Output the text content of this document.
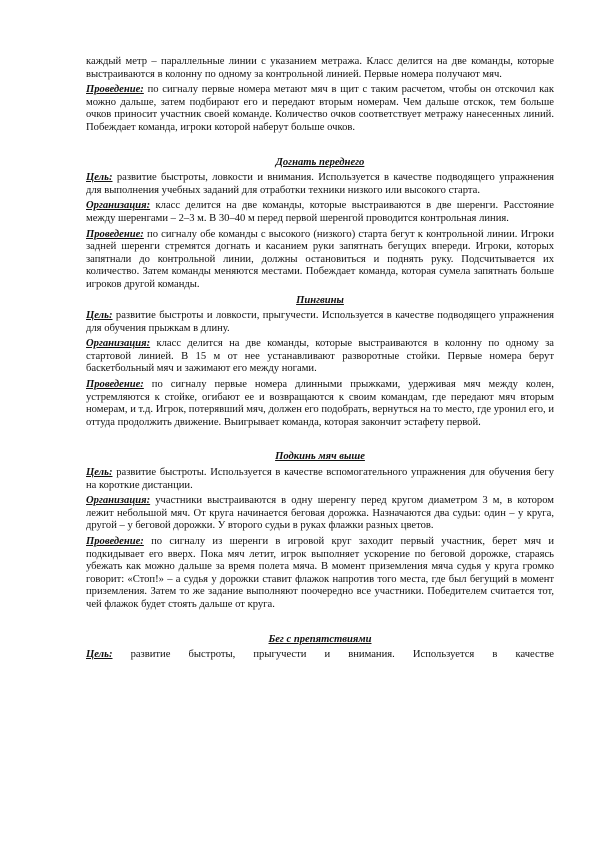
каждый метр – параллельные линии с указанием метража. Класс делится на две команды, которые выстраиваются в колонну по одному за контрольной линией. Первые номера получают мяч.

Проведение: по сигналу первые номера метают мяч в щит с таким расчетом, чтобы он отскочил как можно дальше, затем подбирают его и передают вторым номерам. Чем дальше отскок, тем больше очков приносит участник своей команде. Количество очков соответствует метражу нанесенных линий. Побеждает команда, игроки которой наберут больше очков.

Догнать переднего

Цель: развитие быстроты, ловкости и внимания. Используется в качестве подводящего упражнения для выполнения учебных заданий для отработки техники низкого или высокого старта.

Организация: класс делится на две команды, которые выстраиваются в две шеренги. Расстояние между шеренгами – 2–3 м. В 30–40 м перед первой шеренгой проводится контрольная линия.

Проведение: по сигналу обе команды с высокого (низкого) старта бегут к контрольной линии. Игроки задней шеренги стремятся догнать и касанием руки запятнать бегущих впереди. Игроки, которых запятнали до контрольной линии, должны остановиться и поднять руку. Подсчитывается их количество. Затем команды меняются местами. Побеждает команда, которая сумела запятнать больше игроков другой команды.

Пингвины

Цель: развитие быстроты и ловкости, прыгучести. Используется в качестве подводящего упражнения для обучения прыжкам в длину.

Организация: класс делится на две команды, которые выстраиваются в колонну по одному за стартовой линией. В 15 м от нее устанавливают разворотные стойки. Первые номера берут баскетбольный мяч и зажимают его между ногами.

Проведение: по сигналу первые номера длинными прыжками, удерживая мяч между колен, устремляются к стойке, огибают ее и возвращаются к своим командам, где передают мяч вторым номерам, и т.д. Игрок, потерявший мяч, должен его подобрать, вернуться на то место, где уронил его, и оттуда продолжить движение. Выигрывает команда, которая закончит эстафету первой.

Подкинь мяч выше

Цель: развитие быстроты. Используется в качестве вспомогательного упражнения для обучения бегу на короткие дистанции.

Организация: участники выстраиваются в одну шеренгу перед кругом диаметром 3 м, в котором лежит небольшой мяч. От круга начинается беговая дорожка. Назначаются два судьи: один – у круга, другой – у беговой дорожки. У второго судьи в руках флажки разных цветов.

Проведение: по сигналу из шеренги в игровой круг заходит первый участник, берет мяч и подкидывает его вверх. Пока мяч летит, игрок выполняет ускорение по беговой дорожке, стараясь убежать как можно дальше за время полета мяча. В момент приземления мяча судья у круга громко говорит: «Стоп!» – а судья у дорожки ставит флажок напротив того места, где был бегущий в момент приземления. Затем то же задание выполняют поочередно все участники. Победителем считается тот, чей флажок будет стоять дальше от круга.

Бег с препятствиями

Цель: развитие быстроты, прыгучести и внимания. Используется в качестве
